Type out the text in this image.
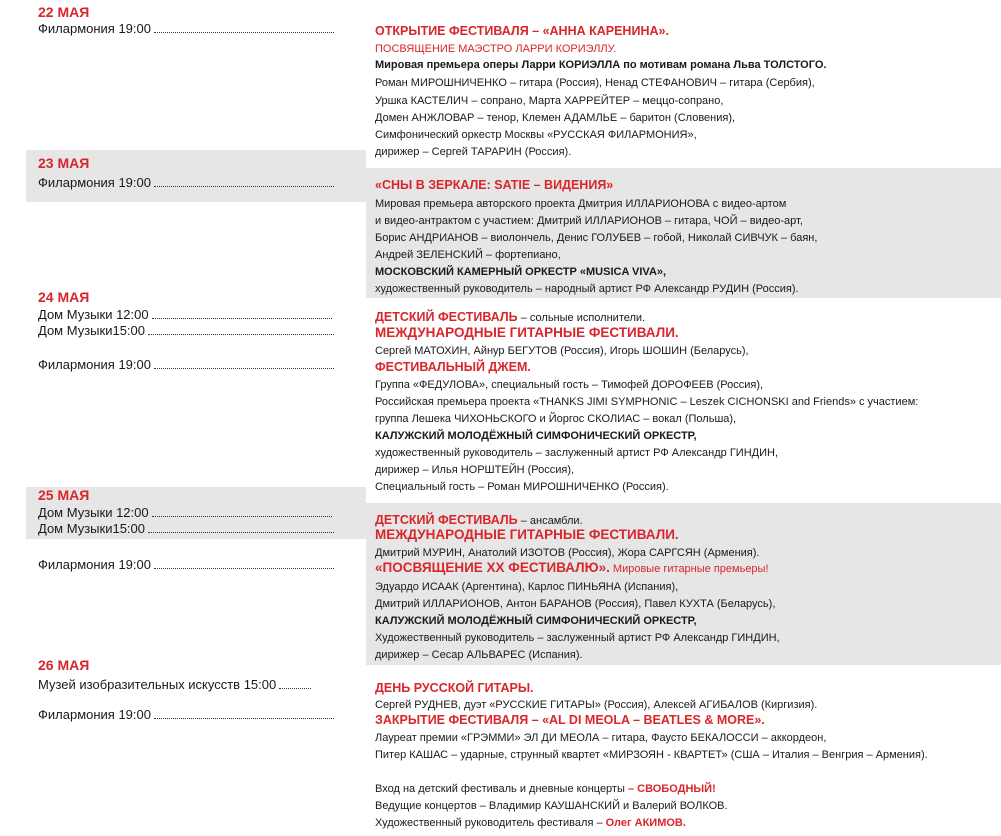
22 МАЯ
23 МАЯ
24 МАЯ
25 МАЯ
26 МАЯ
Филармония 19:00
Филармония 19:00
Дом Музыки 12:00
Дом Музыки15:00
Филармония 19:00
Дом Музыки 12:00
Дом Музыки15:00
Филармония 19:00
Музей изобразительных искусств 15:00
Филармония 19:00
ОТКРЫТИЕ ФЕСТИВАЛЯ – «АННА КАРЕНИНА».
ПОСВЯЩЕНИЕ МАЭСТРО ЛАРРИ КОРИЭЛЛУ.
Мировая премьера оперы Ларри КОРИЭЛЛА по мотивам романа Льва ТОЛСТОГО.
Роман МИРОШНИЧЕНКО – гитара (Россия), Ненад СТЕФАНОВИЧ – гитара (Сербия),
Уршка КАСТЕЛИЧ – сопрано, Марта ХАРРЕЙТЕР – меццо-сопрано,
Домен АНЖЛОВАР – тенор, Клемен АДАМЛЬЕ – баритон (Словения),
Симфонический оркестр Москвы «РУССКАЯ ФИЛАРМОНИЯ»,
дирижер – Сергей ТАРАРИН (Россия).
«СНЫ В ЗЕРКАЛЕ: SATIE – ВИДЕНИЯ»
Мировая премьера авторского проекта Дмитрия ИЛЛАРИОНОВА с видео-артом
и видео-антрактом с участием: Дмитрий ИЛЛАРИОНОВ – гитара, ЧОЙ – видео-арт,
Борис АНДРИАНОВ – виолончель, Денис ГОЛУБЕВ – гобой, Николай СИВЧУК – баян,
Андрей ЗЕЛЕНСКИЙ – фортепиано,
МОСКОВСКИЙ КАМЕРНЫЙ ОРКЕСТР «MUSICA VIVA»,
художественный руководитель – народный артист РФ Александр РУДИН (Россия).
ДЕТСКИЙ ФЕСТИВАЛЬ – сольные исполнители.
МЕЖДУНАРОДНЫЕ ГИТАРНЫЕ ФЕСТИВАЛИ.
Сергей МАТОХИН, Айнур БЕГУТОВ (Россия), Игорь ШОШИН (Беларусь),
ФЕСТИВАЛЬНЫЙ ДЖЕМ.
Группа «ФЕДУЛОВА», специальный гость – Тимофей ДОРОФЕЕВ (Россия),
Российская премьера проекта «THANKS JIMI SYMPHONIC – Leszek CICHONSKI and Friends» с участием:
группа Лешека ЧИХОНЬСКОГО и Йоргос СКОЛИАС – вокал (Польша),
КАЛУЖСКИЙ МОЛОДЁЖНЫЙ СИМФОНИЧЕСКИЙ ОРКЕСТР,
художественный руководитель – заслуженный артист РФ Александр ГИНДИН,
дирижер – Илья НОРШТЕЙН (Россия),
Специальный гость – Роман МИРОШНИЧЕНКО (Россия).
ДЕТСКИЙ ФЕСТИВАЛЬ – ансамбли.
МЕЖДУНАРОДНЫЕ ГИТАРНЫЕ ФЕСТИВАЛИ.
Дмитрий МУРИН, Анатолий ИЗОТОВ (Россия), Жора САРГСЯН (Армения).
«ПОСВЯЩЕНИЕ XX ФЕСТИВАЛЮ». Мировые гитарные премьеры!
Эдуардо ИСААК (Аргентина), Карлос ПИНЬЯНА (Испания),
Дмитрий ИЛЛАРИОНОВ, Антон БАРАНОВ (Россия), Павел КУХТА (Беларусь),
КАЛУЖСКИЙ МОЛОДЁЖНЫЙ СИМФОНИЧЕСКИЙ ОРКЕСТР,
Художественный руководитель – заслуженный артист РФ Александр ГИНДИН,
дирижер – Сесар АЛЬВАРЕС (Испания).
ДЕНЬ РУССКОЙ ГИТАРЫ.
Сергей РУДНЕВ, дуэт «РУССКИЕ ГИТАРЫ» (Россия), Алексей АГИБАЛОВ (Киргизия).
ЗАКРЫТИЕ ФЕСТИВАЛЯ – «AL DI MEOLA – BEATLES & MORE».
Лауреат премии «ГРЭММИ» ЭЛ ДИ МЕОЛА – гитара, Фаусто БЕКАЛОССИ – аккордеон,
Питер КАШАС – ударные, струнный квартет «МИРЗОЯН - КВАРТЕТ» (США – Италия – Венгрия – Армения).
Вход на детский фестиваль и дневные концерты – СВОБОДНЫЙ!
Ведущие концертов – Владимир КАУШАНСКИЙ и Валерий ВОЛКОВ.
Художественный руководитель фестиваля – Олег АКИМОВ.
